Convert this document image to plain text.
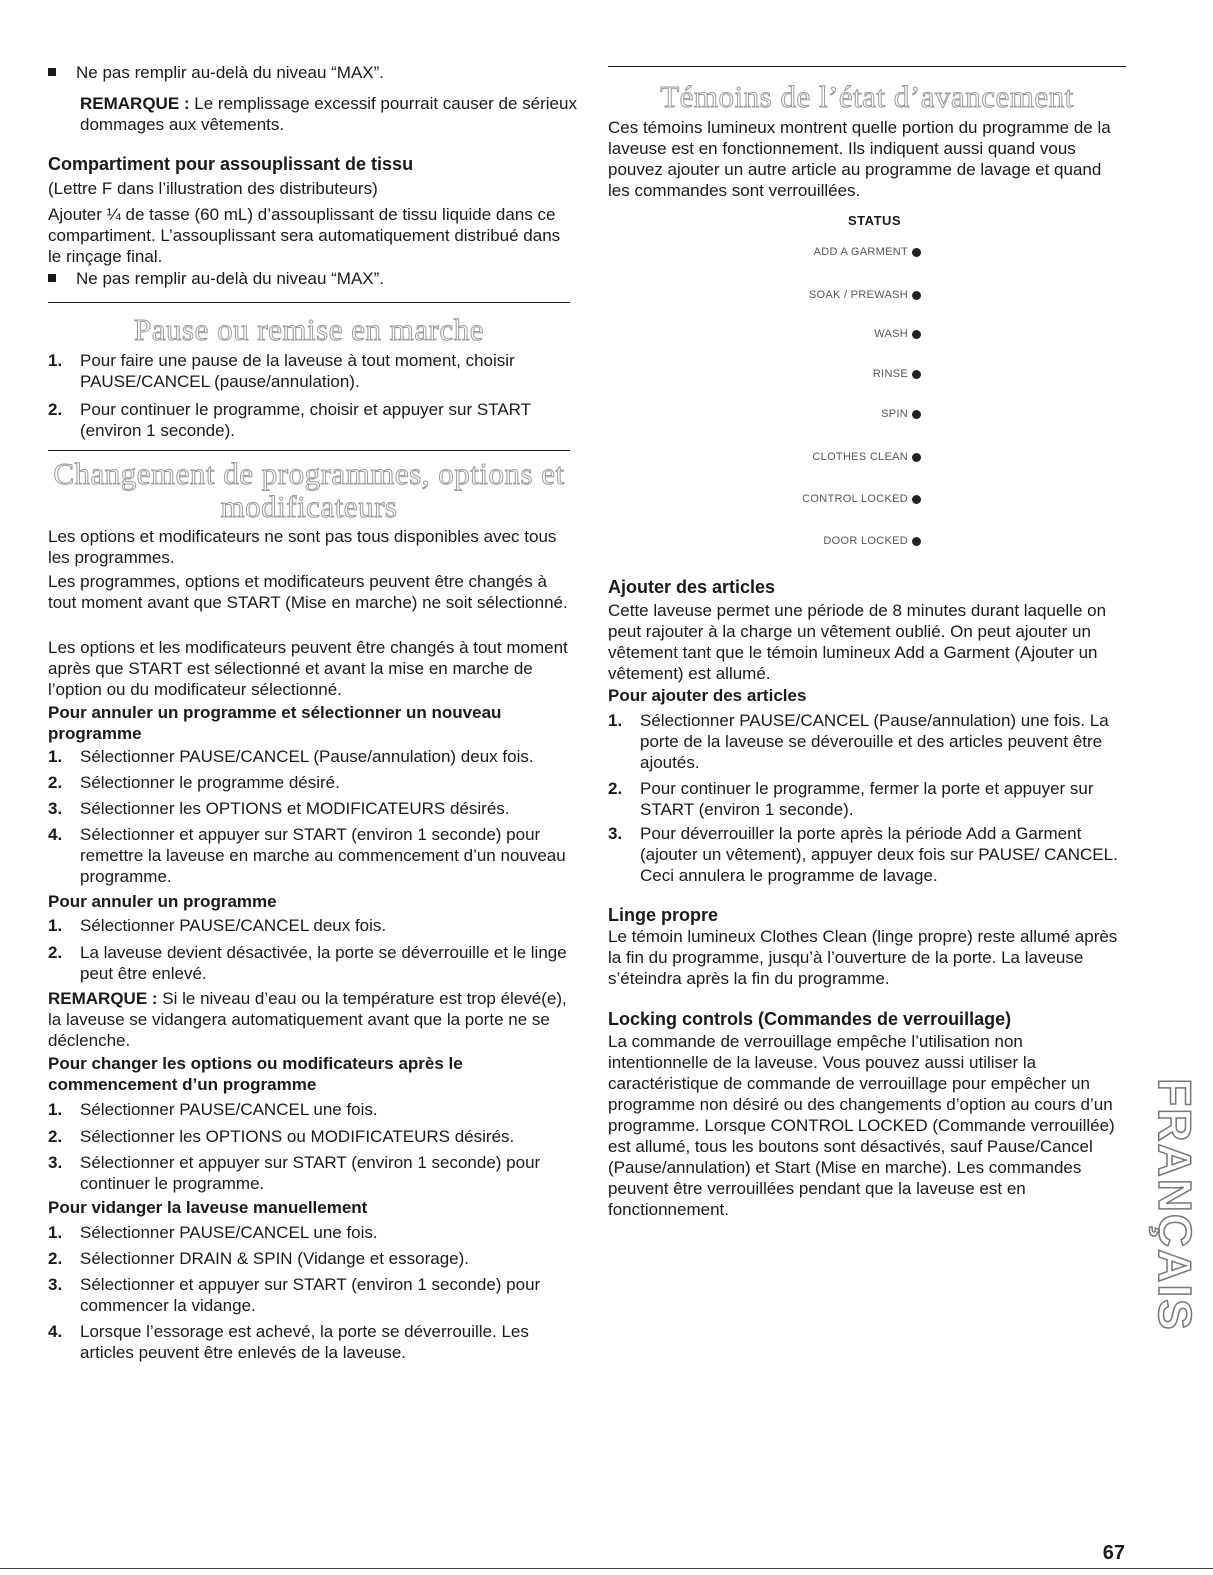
Ne pas remplir au-delà du niveau “MAX”.

REMARQUE : Le remplissage excessif pourrait causer de sérieux dommages aux vêtements.

Compartiment pour assouplissant de tissu

(Lettre F dans l’illustration des distributeurs)

Ajouter ¼ de tasse (60 mL) d’assouplissant de tissu liquide dans ce compartiment. L’assouplissant sera automatiquement distribué dans le rinçage final.

Ne pas remplir au-delà du niveau “MAX”.

Pause ou remise en marche
1. Pour faire une pause de la laveuse à tout moment, choisir PAUSE/CANCEL (pause/annulation).
2. Pour continuer le programme, choisir et appuyer sur START (environ 1 seconde).
Changement de programmes, options et
modificateurs

Les options et modificateurs ne sont pas tous disponibles avec tous les programmes.

Les programmes, options et modificateurs peuvent être changés à tout moment avant que START (Mise en marche) ne soit sélectionné.

Les options et les modificateurs peuvent être changés à tout moment après que START est sélectionné et avant la mise en marche de l’option ou du modificateur sélectionné.

Pour annuler un programme et sélectionner un nouveau programme

1. Sélectionner PAUSE/CANCEL (Pause/annulation) deux fois.
2. Sélectionner le programme désiré.
3. Sélectionner les OPTIONS et MODIFICATEURS désirés.
4. Sélectionner et appuyer sur START (environ 1 seconde) pour remettre la laveuse en marche au commencement d’un nouveau programme.

Pour annuler un programme

1. Sélectionner PAUSE/CANCEL deux fois.
2. La laveuse devient désactivée, la porte se déverrouille et le linge peut être enlevé.

REMARQUE : Si le niveau d’eau ou la température est trop élevé(e), la laveuse se vidangera automatiquement avant que la porte ne se déclenche.

Pour changer les options ou modificateurs après le commencement d’un programme

1. Sélectionner PAUSE/CANCEL une fois.
2. Sélectionner les OPTIONS ou MODIFICATEURS désirés.
3. Sélectionner et appuyer sur START (environ 1 seconde) pour continuer le programme.

Pour vidanger la laveuse manuellement

1. Sélectionner PAUSE/CANCEL une fois.
2. Sélectionner DRAIN & SPIN (Vidange et essorage).
3. Sélectionner et appuyer sur START (environ 1 seconde) pour commencer la vidange.
4. Lorsque l’essorage est achevé, la porte se déverrouille. Les articles peuvent être enlevés de la laveuse.
Témoins de l’état d’avancement

Ces témoins lumineux montrent quelle portion du programme de la laveuse est en fonctionnement. Ils indiquent aussi quand vous pouvez ajouter un autre article au programme de lavage et quand les commandes sont verrouillées.

STATUS
ADD A GARMENT
SOAK / PREWASH
WASH
RINSE
SPIN
CLOTHES CLEAN
CONTROL LOCKED
DOOR LOCKED

Ajouter des articles

Cette laveuse permet une période de 8 minutes durant laquelle on peut rajouter à la charge un vêtement oublié. On peut ajouter un vêtement tant que le témoin lumineux Add a Garment (Ajouter un vêtement) est allumé.

Pour ajouter des articles

1. Sélectionner PAUSE/CANCEL (Pause/annulation) une fois. La porte de la laveuse se déverouille et des articles peuvent être ajoutés.
2. Pour continuer le programme, fermer la porte et appuyer sur START (environ 1 seconde).
3. Pour déverrouiller la porte après la période Add a Garment (ajouter un vêtement), appuyer deux fois sur PAUSE/ CANCEL. Ceci annulera le programme de lavage.

Linge propre

Le témoin lumineux Clothes Clean (linge propre) reste allumé après la fin du programme, jusqu’à l’ouverture de la porte. La laveuse s’éteindra après la fin du programme.

Locking controls (Commandes de verrouillage)

La commande de verrouillage empêche l’utilisation non intentionnelle de la laveuse. Vous pouvez aussi utiliser la caractéristique de commande de verrouillage pour empêcher un programme non désiré ou des changements d’option au cours d’un programme. Lorsque CONTROL LOCKED (Commande verrouillée) est allumé, tous les boutons sont désactivés, sauf Pause/Cancel (Pause/annulation) et Start (Mise en marche). Les commandes peuvent être verrouillées pendant que la laveuse est en fonctionnement.	FRANÇAIS
67
